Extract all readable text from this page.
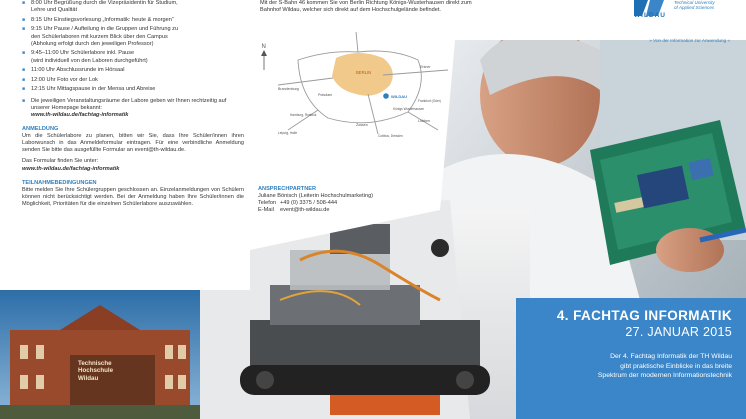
■ 8:00 Uhr Begrüßung durch die Vizepräsidentin für Studium,
Lehre und Qualität
■ 8:15 Uhr Einstiegsvorlesung „Informatik: heute & morgen“
■ 9:15 Uhr Pause / Aufteilung in die Gruppen und Führung zu
den Schülerlaboren mit kurzem Blick über den Campus
(Abholung erfolgt durch den jeweiligen Professor)
■ 9:45–11:00 Uhr Schülerlabore inkl. Pause
(wird individuell von den Laboren durchgeführt)
■ 11:00 Uhr Abschlussrunde im Hörsaal
■ 12:00 Uhr Foto vor der Lok
■ 12:15 Uhr Mittagspause in der Mensa und Abreise
■ Die jeweiligen Veranstaltungsräume der Labore geben wir Ihnen rechtzeitig auf unserer Homepage bekannt:
www.th-wildau.de/fachtag-informatik
ANMELDUNG
Um die Schülerlabore zu planen, bitten wir Sie, dass Ihre Schüler/innen ihren Laborwunsch in das Anmeldeformular eintragen. Für eine verbindliche Anmeldung senden Sie bitte das ausgefüllte Formular an event@th-wildau.de.
Das Formular finden Sie unter:
www.th-wildau.de/fachtag-informatik
TEILNAHMEBEDINGUNGEN
Bitte melden Sie Ihre Schülergruppen geschlossen an. Einzelanmeldungen von Schülern können nicht berücksichtigt werden. Bei der Anmeldung haben Ihre Schüler/innen die Möglichkeit, Prioritäten für die einzelnen Schülerlabore auszuwählen.
Mit der S-Bahn 46 kommen Sie von Berlin Richtung Königs-Wusterhausen direkt zum Bahnhof Wildau, welcher sich direkt auf dem Hochschulgelände befindet.
N
BERLIN
WILDAU
Brandenburg
Potsdam
Erkner
Königs Wusterhausen
Zossen
Lübben
Cottbus, Dresden
Frankfurt (Oder)
Leipzig, Halle
Hamburg, Rostock
ANSPRECHPARTNER
Juliane Bönisch (Leiterin Hochschulmarketing)
Telefon +49 (0) 3375 / 508-444
E-Mail	event@th-wildau.de
» Von der Information zur Anwendung «
Technical University
of Applied Sciences
WILDAU
Technische
Hochschule
Wildau
4. FACHTAG INFORMATIK
27. JANUAR 2015
Der 4. Fachtag Informatik der TH Wildau
gibt praktische Einblicke in das breite
Spektrum der modernen Informationstechnik
